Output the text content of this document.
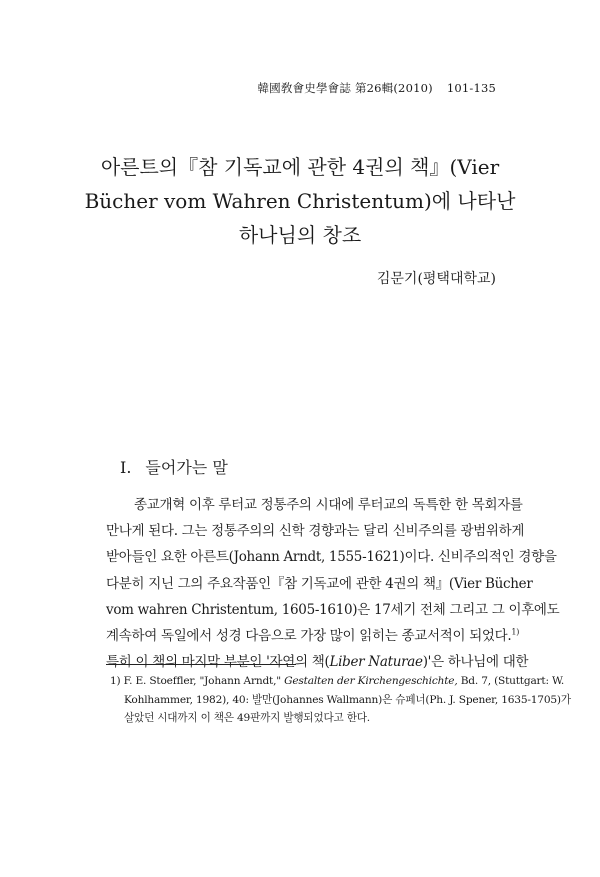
韓國敎會史學會誌 第26輯(2010) 101-135
아른트의『참 기독교에 관한 4권의 책』(Vier
Bücher vom Wahren Christentum)에 나타난
하나님의 창조
김문기(평택대학교)
Ⅰ. 들어가는 말
종교개혁 이후 루터교 정통주의 시대에 루터교의 독특한 한 목회자를
만나게 된다. 그는 정통주의의 신학 경향과는 달리 신비주의를 광범위하게
받아들인 요한 아른트(Johann Arndt, 1555-1621)이다. 신비주의적인 경향을
다분히 지닌 그의 주요작품인『참 기독교에 관한 4권의 책』(Vier Bücher
vom wahren Christentum, 1605-1610)은 17세기 전체 그리고 그 이후에도
계속하여 독일에서 성경 다음으로 가장 많이 읽히는 종교서적이 되었다.$^{1)}$
특히 이 책의 마지막 부분인 '자연의 책(Liber Naturae)'은 하나님에 대한
1) F. E. Stoeffler, "Johann Arndt," Gestalten der Kirchengeschichte, Bd. 7, (Stuttgart: W.
Kohlhammer, 1982), 40: 발만(Johannes Wallmann)은 슈페너(Ph. J. Spener, 1635-1705)가
살았던 시대까지 이 책은 49판까지 발행되었다고 한다.
